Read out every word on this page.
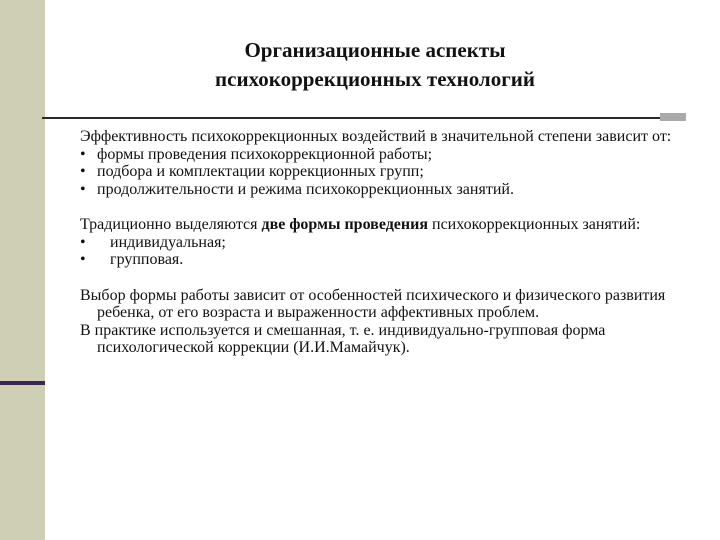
Организационные аспекты
психокоррекционных технологий

Эффективность психокоррекционных воздействий в значительной степени зависит от:

• формы проведения психокоррекционной работы;
• подбора и комплектации коррекционных групп;
• продолжительности и режима психокоррекционных занятий.

Традиционно выделяются две формы проведения психокоррекционных занятий:

•	индивидуальная;
•	групповая.

Выбор формы работы зависит от особенностей психического и физического развития ребенка, от его возраста и выраженности аффективных проблем.

В практике используется и смешанная, т. е. индивидуально-групповая форма психологической коррекции (И.И.Мамайчук).
